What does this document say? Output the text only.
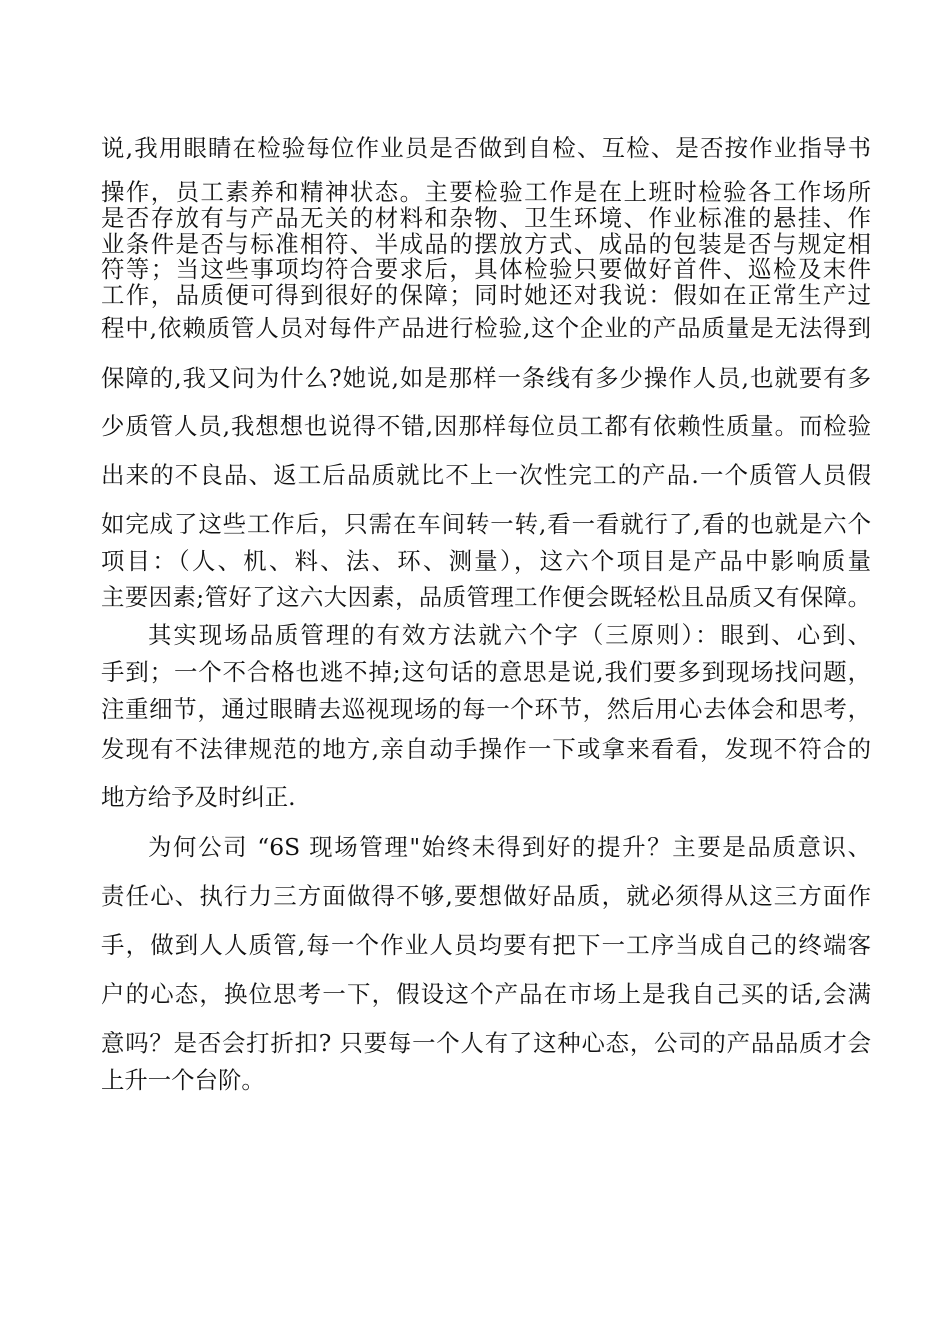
说,我用眼睛在检验每位作业员是否做到自检、互检、是否按作业指导书
操作，员工素养和精神状态。主要检验工作是在上班时检验各工作场所
是否存放有与产品无关的材料和杂物、卫生环境、作业标准的悬挂、作
业条件是否与标准相符、半成品的摆放方式、成品的包装是否与规定相
符等；当这些事项均符合要求后，具体检验只要做好首件、巡检及末件
工作，品质便可得到很好的保障；同时她还对我说：假如在正常生产过
程中,依赖质管人员对每件产品进行检验,这个企业的产品质量是无法得到
保障的,我又问为什么?她说,如是那样一条线有多少操作人员,也就要有多
少质管人员,我想想也说得不错,因那样每位员工都有依赖性质量。而检验
出来的不良品、返工后品质就比不上一次性完工的产品.一个质管人员假
如完成了这些工作后，只需在车间转一转,看一看就行了,看的也就是六个
项目：（人、机、料、法、环、测量），这六个项目是产品中影响质量
主要因素;管好了这六大因素，品质管理工作便会既轻松且品质又有保障。
其实现场品质管理的有效方法就六个字（三原则）：眼到、心到、
手到；一个不合格也逃不掉;这句话的意思是说,我们要多到现场找问题，
注重细节，通过眼睛去巡视现场的每一个环节，然后用心去体会和思考，
发现有不法律规范的地方,亲自动手操作一下或拿来看看，发现不符合的
地方给予及时纠正.
为何公司 “6S 现场管理"始终未得到好的提升？主要是品质意识、
责任心、执行力三方面做得不够,要想做好品质，就必须得从这三方面作
手，做到人人质管,每一个作业人员均要有把下一工序当成自己的终端客
户的心态，换位思考一下，假设这个产品在市场上是我自己买的话,会满
意吗？是否会打折扣? 只要每一个人有了这种心态，公司的产品品质才会
上升一个台阶。
